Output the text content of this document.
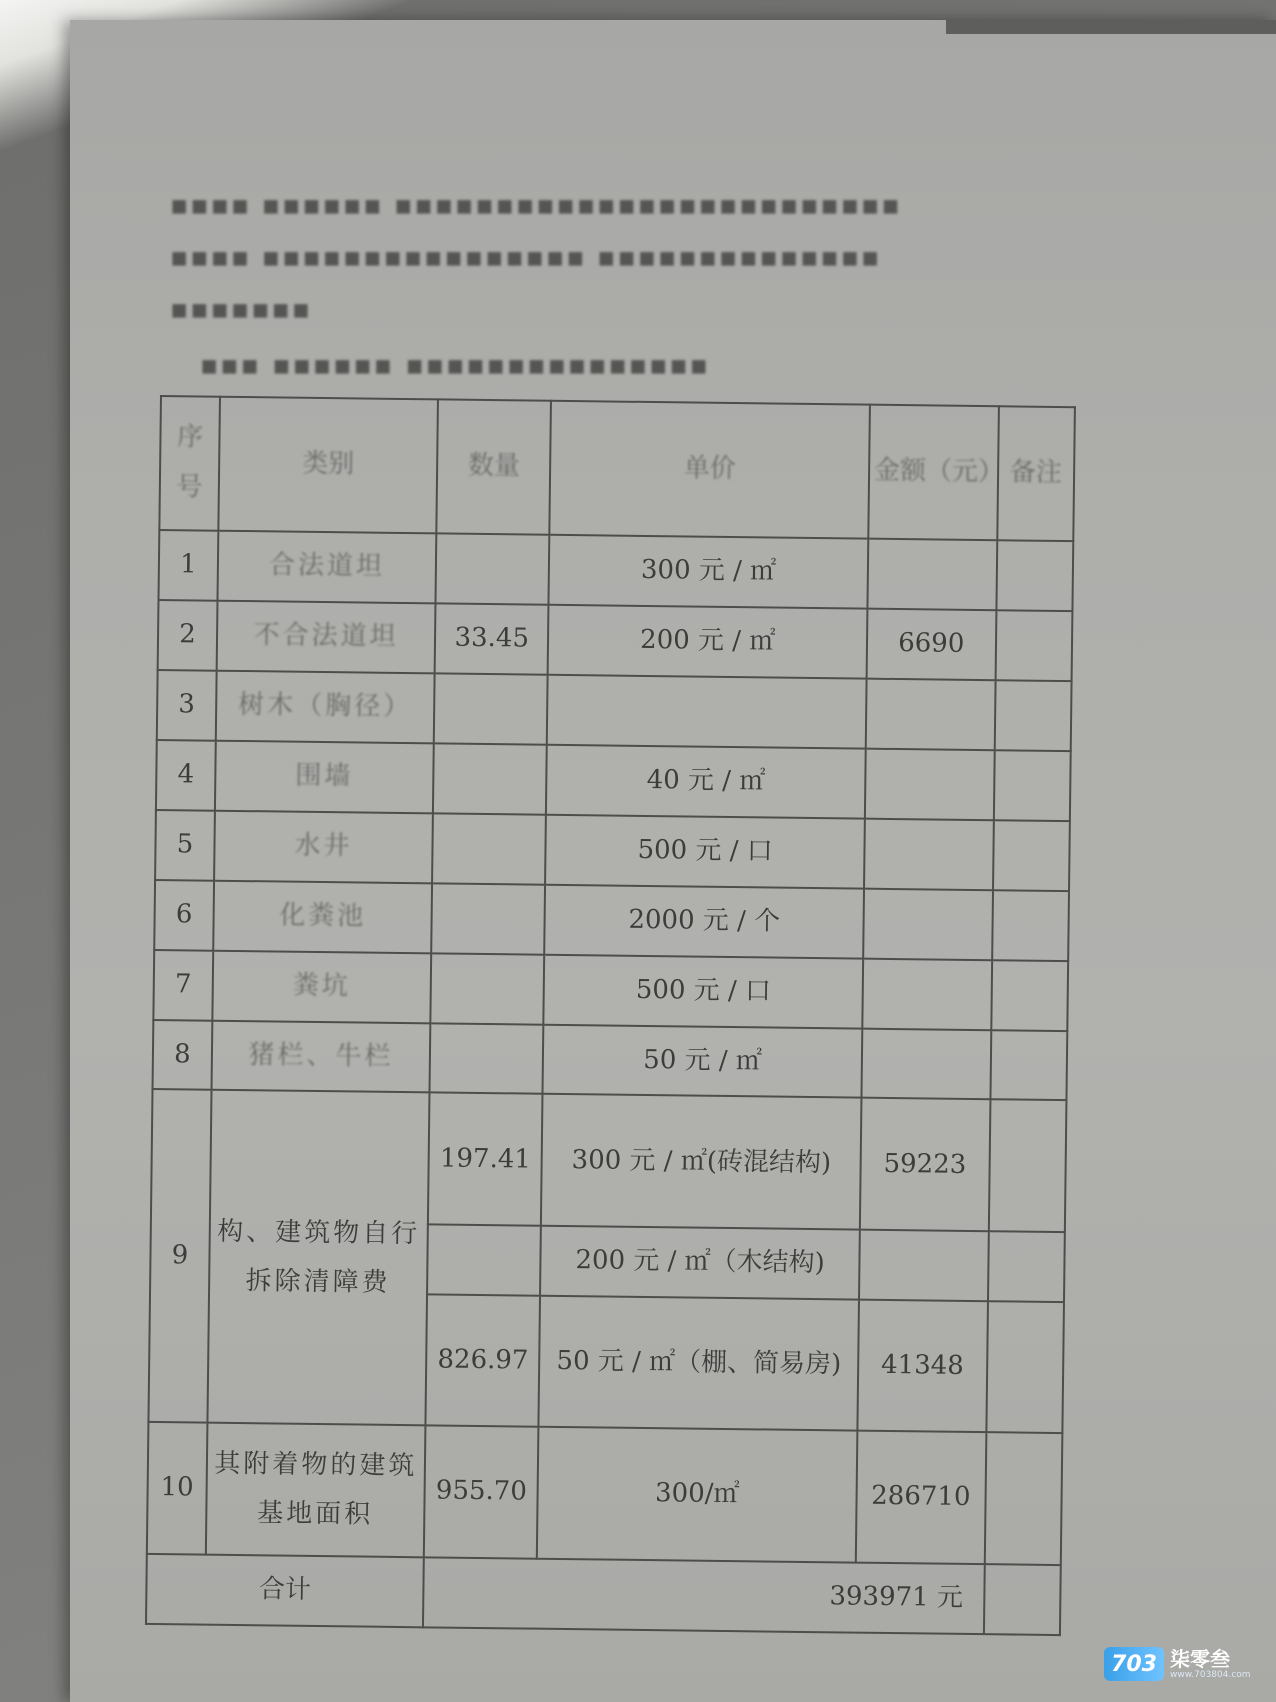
▪▪▪▪ ▪▪▪▪▪▪ ▪▪▪▪▪▪▪▪▪▪▪▪▪▪▪▪▪▪▪▪▪▪▪▪▪
▪▪▪▪ ▪▪▪▪▪▪▪▪▪▪▪▪▪▪▪▪ ▪▪▪▪▪▪▪▪▪▪▪▪▪▪
▪▪▪▪▪▪▪
▪▪▪ ▪▪▪▪▪▪ ▪▪▪▪▪▪▪▪▪▪▪▪▪▪▪
序号	类别	数量	单价	金额（元）	备注
1	合法道坦		300 元 / ㎡		
2	不合法道坦	33.45	200 元 / ㎡	6690	
3	树木（胸径）				
4	围墙		40 元 / ㎡		
5	水井		500 元 / 口		
6	化粪池		2000 元 / 个		
7	粪坑		500 元 / 口		
8	猪栏、牛栏		50 元 / ㎡		
9	构、建筑物自行拆除清障费	197.41	300 元 / ㎡(砖混结构)	59223	
			200 元 / ㎡（木结构)		
		826.97	50 元 / ㎡（棚、简易房)	41348	
10	其附着物的建筑基地面积	955.70	300/㎡	286710	
合计		393971 元			
703 柒零叁
www.703804.com
